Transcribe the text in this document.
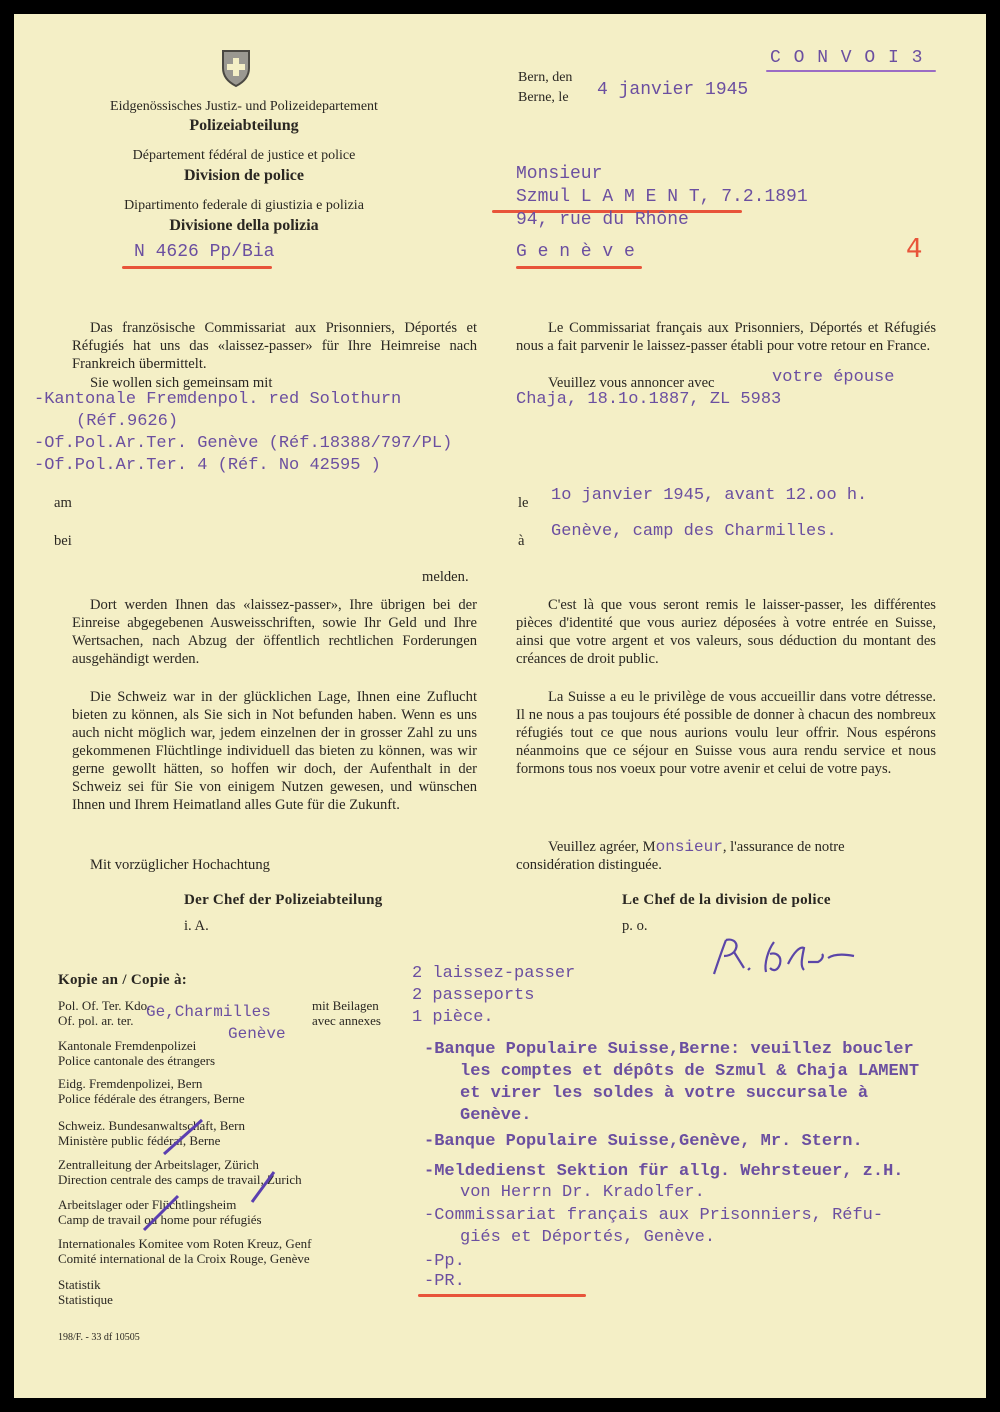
Eidgenössisches Justiz- und Polizeidepartement
Polizeiabteilung
Département fédéral de justice et police
Division de police
Dipartimento federale di giustizia e polizia
Divisione della polizia
N 4626 Pp/Bia
C O N V O I 3
Bern, den
Berne, le 4 janvier 1945
Monsieur
Szmul L A M E N T, 7.2.1891
94, rue du Rhône
G e n è v e	4
Das französische Commissariat aux Prisonniers, Déportés et Réfugiés hat uns das «laissez-passer» für Ihre Heimreise nach Frankreich übermittelt.
Sie wollen sich gemeinsam mit
-Kantonale Fremdenpol. red Solothurn
(Réf.9626)
-Of.Pol.Ar.Ter. Genève (Réf.18388/797/PL)
-Of.Pol.Ar.Ter. 4 (Réf. No 42595 )
am
bei
melden.
Dort werden Ihnen das «laissez-passer», Ihre übrigen bei der Einreise abgegebenen Ausweisschriften, sowie Ihr Geld und Ihre Wertsachen, nach Abzug der öffentlich rechtlichen Forderungen ausgehändigt werden.
Die Schweiz war in der glücklichen Lage, Ihnen eine Zuflucht bieten zu können, als Sie sich in Not befunden haben. Wenn es uns auch nicht möglich war, jedem einzelnen der in grosser Zahl zu uns gekommenen Flüchtlinge individuell das bieten zu können, was wir gerne gewollt hätten, so hoffen wir doch, der Aufenthalt in der Schweiz sei für Sie von einigem Nutzen gewesen, und wünschen Ihnen und Ihrem Heimatland alles Gute für die Zukunft.
Mit vorzüglicher Hochachtung
Der Chef der Polizeiabteilung
i. A.
Le Commissariat français aux Prisonniers, Déportés et Réfugiés nous a fait parvenir le laissez-passer établi pour votre retour en France.
Veuillez vous annoncer avec	votre épouse
Chaja, 18.1o.1887, ZL 5983
le 1o janvier 1945, avant 12.oo h.
à Genève, camp des Charmilles.
C'est là que vous seront remis le laisser-passer, les différentes pièces d'identité que vous auriez déposées à votre entrée en Suisse, ainsi que votre argent et vos valeurs, sous déduction du montant des créances de droit public.
La Suisse a eu le privilège de vous accueillir dans votre détresse. Il ne nous a pas toujours été possible de donner à chacun des nombreux réfugiés tout ce que nous aurions voulu leur offrir. Nous espérons néanmoins que ce séjour en Suisse vous aura rendu service et nous formons tous nos voeux pour votre avenir et celui de votre pays.
Veuillez agréer, Monsieur, l'assurance de notre
considération distinguée.
Le Chef de la division de police
p. o.
Kopie an / Copie à:
Pol. Of. Ter. Kdo.
Of. pol. ar. ter.
mit Beilagen
avec annexes
Ge,Charmilles
Genève
Kantonale Fremdenpolizei
Police cantonale des étrangers
Eidg. Fremdenpolizei, Bern
Police fédérale des étrangers, Berne
Schweiz. Bundesanwaltschaft, Bern
Ministère public fédéral, Berne
Zentralleitung der Arbeitslager, Zürich
Direction centrale des camps de travail, Zurich
Arbeitslager oder Flüchtlingsheim
Camp de travail ou home pour réfugiés
Internationales Komitee vom Roten Kreuz, Genf
Comité international de la Croix Rouge, Genève
Statistik
Statistique
198/F. - 33 df 10505
2 laissez-passer
2 passeports
1 pièce.
-Banque Populaire Suisse,Berne: veuillez boucler
les comptes et dépôts de Szmul & Chaja LAMENT
et virer les soldes à votre succursale à
Genève.
-Banque Populaire Suisse,Genève, Mr. Stern.
-Meldedienst Sektion für allg. Wehrsteuer, z.H.
von Herrn Dr. Kradolfer.
-Commissariat français aux Prisonniers, Réfu-
giés et Déportés, Genève.
-Pp.
-PR.
